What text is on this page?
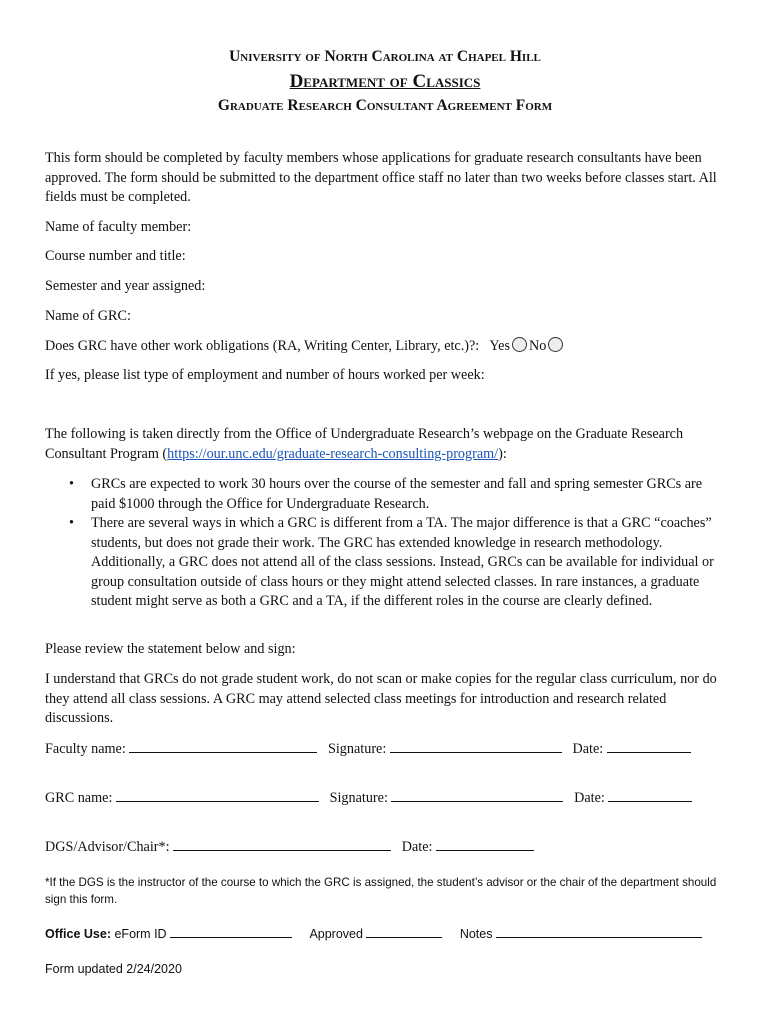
University of North Carolina at Chapel Hill
Department of Classics
Graduate Research Consultant Agreement Form
This form should be completed by faculty members whose applications for graduate research consultants have been approved. The form should be submitted to the department office staff no later than two weeks before classes start. All fields must be completed.
Name of faculty member:
Course number and title:
Semester and year assigned:
Name of GRC:
Does GRC have other work obligations (RA, Writing Center, Library, etc.)?: Yes No
If yes, please list type of employment and number of hours worked per week:
The following is taken directly from the Office of Undergraduate Research’s webpage on the Graduate Research Consultant Program (https://our.unc.edu/graduate-research-consulting-program/):
• GRCs are expected to work 30 hours over the course of the semester and fall and spring semester GRCs are paid $1000 through the Office for Undergraduate Research.
• There are several ways in which a GRC is different from a TA. The major difference is that a GRC “coaches” students, but does not grade their work. The GRC has extended knowledge in research methodology. Additionally, a GRC does not attend all of the class sessions. Instead, GRCs can be available for individual or group consultation outside of class hours or they might attend selected classes. In rare instances, a graduate student might serve as both a GRC and a TA, if the different roles in the course are clearly defined.
Please review the statement below and sign:
I understand that GRCs do not grade student work, do not scan or make copies for the regular class curriculum, nor do they attend all class sessions. A GRC may attend selected class meetings for introduction and research related discussions.
Faculty name:	Signature:	Date:
GRC name:	Signature:	Date:
DGS/Advisor/Chair*:	Date:
*If the DGS is the instructor of the course to which the GRC is assigned, the student’s advisor or the chair of the department should sign this form.
Office Use: eForm ID	Approved	Notes
Form updated 2/24/2020
